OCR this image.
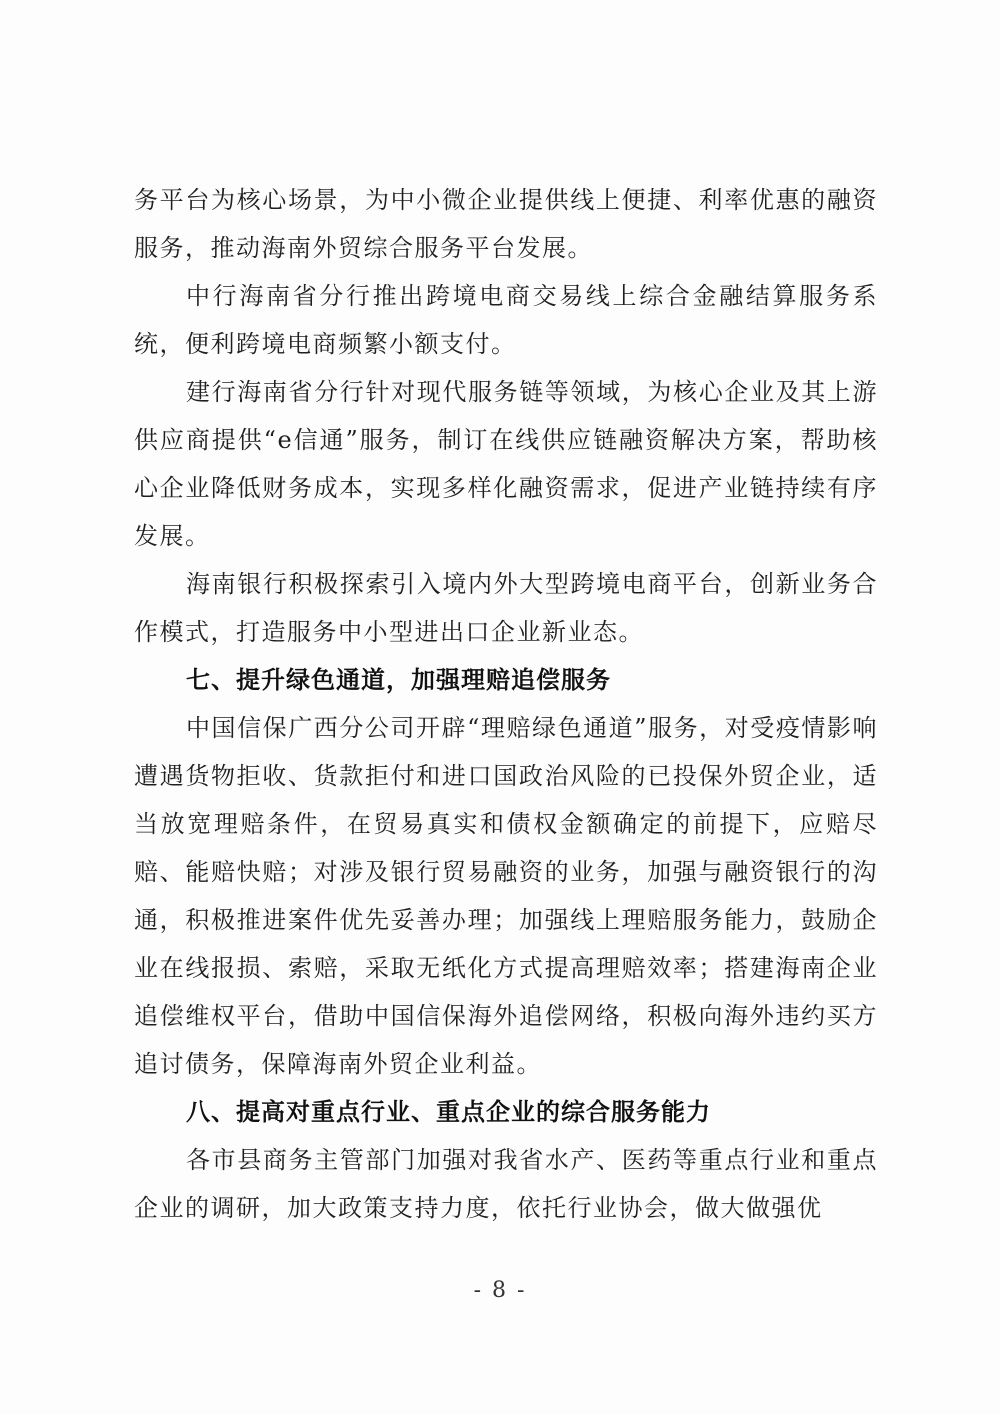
务平台为核心场景，为中小微企业提供线上便捷、利率优惠的融资服务，推动海南外贸综合服务平台发展。

中行海南省分行推出跨境电商交易线上综合金融结算服务系统，便利跨境电商频繁小额支付。

建行海南省分行针对现代服务链等领域，为核心企业及其上游供应商提供“e信通”服务，制订在线供应链融资解决方案，帮助核心企业降低财务成本，实现多样化融资需求，促进产业链持续有序发展。

海南银行积极探索引入境内外大型跨境电商平台，创新业务合作模式，打造服务中小型进出口企业新业态。

七、提升绿色通道，加强理赔追偿服务

中国信保广西分公司开辟“理赔绿色通道”服务，对受疫情影响遭遇货物拒收、货款拒付和进口国政治风险的已投保外贸企业，适当放宽理赔条件，在贸易真实和债权金额确定的前提下，应赔尽赔、能赔快赔；对涉及银行贸易融资的业务，加强与融资银行的沟通，积极推进案件优先妥善办理；加强线上理赔服务能力，鼓励企业在线报损、索赔，采取无纸化方式提高理赔效率；搭建海南企业追偿维权平台，借助中国信保海外追偿网络，积极向海外违约买方追讨债务，保障海南外贸企业利益。

八、提高对重点行业、重点企业的综合服务能力

各市县商务主管部门加强对我省水产、医药等重点行业和重点企业的调研，加大政策支持力度，依托行业协会，做大做强优

- 8 -
